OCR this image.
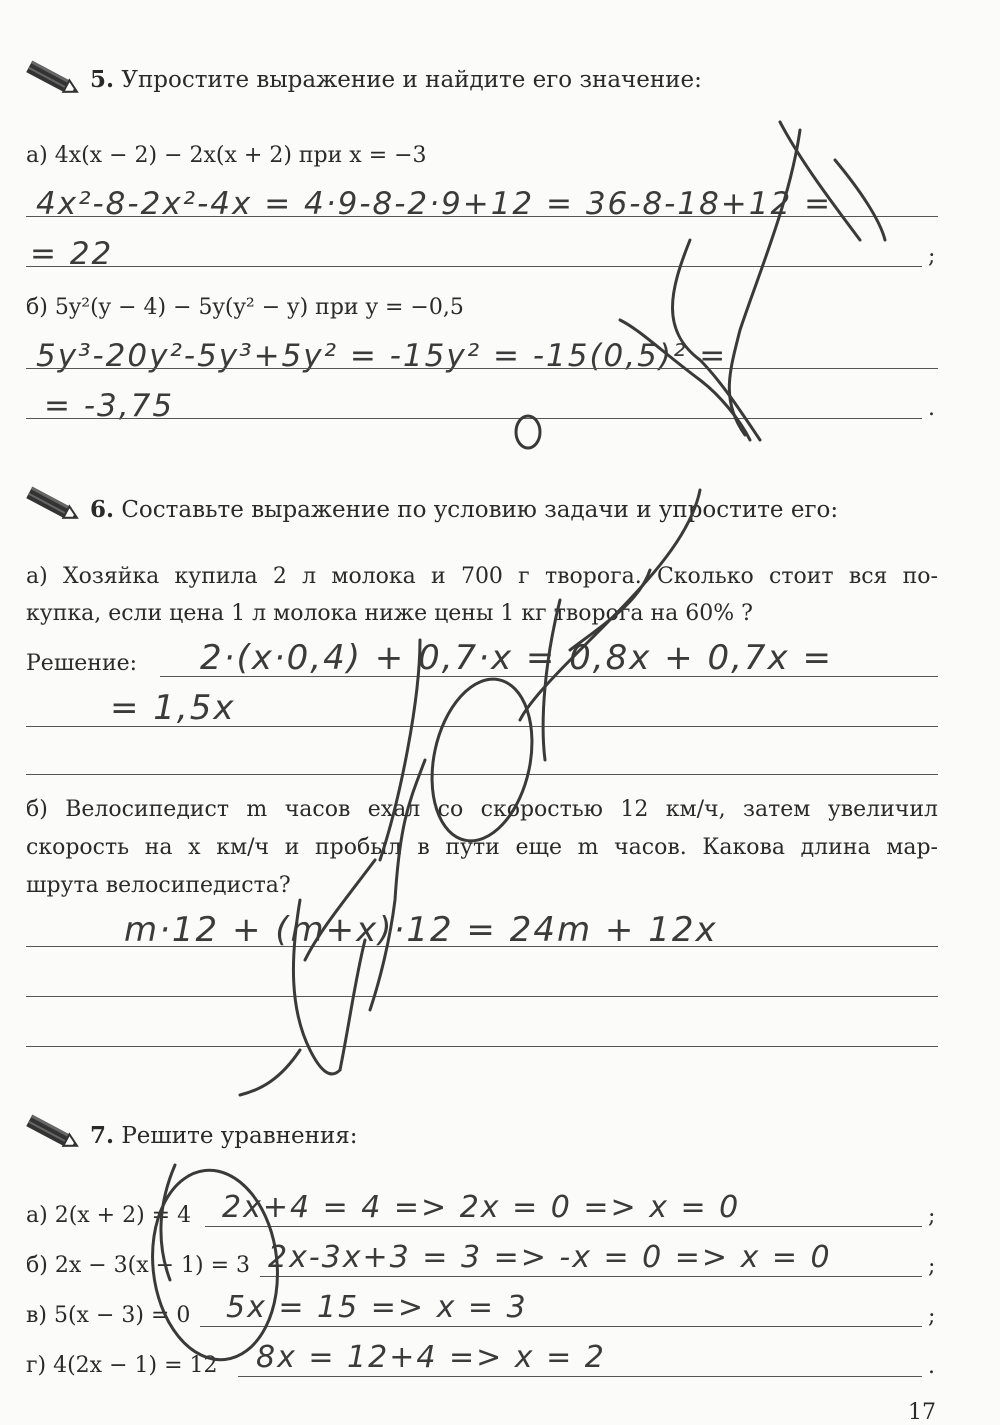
5. Упростите выражение и найдите его значение:
а) 4x(x − 2) − 2x(x + 2) при x = −3
4x²-8-2x²-4x = 4·9-8-2·9+12 = 36-8-18+12 =
= 22	;
б) 5y²(y − 4) − 5y(y² − y) при y = −0,5
5y³-20y²-5y³+5y² = -15y² = -15(0,5)² =
= -3,75	.
6. Составьте выражение по условию задачи и упростите его:
а) Хозяйка купила 2 л молока и 700 г творога. Сколько стоит вся по-
купка, если цена 1 л молока ниже цены 1 кг творога на 60% ?
Решение: 2·(x·0,4) + 0,7·x = 0,8x + 0,7x =
= 1,5x
б) Велосипедист m часов ехал со скоростью 12 км/ч, затем увеличил
скорость на x км/ч и пробыл в пути еще m часов. Какова длина мар-
шрута велосипедиста?
m·12 + (m+x)·12 = 24m + 12x
7. Решите уравнения:
а) 2(x + 2) = 4 2x+4 = 4 => 2x = 0 => x = 0	;
б) 2x − 3(x − 1) = 3 2x-3x+3 = 3 => -x = 0 => x = 0	;
в) 5(x − 3) = 0 5x = 15 => x = 3	;
г) 4(2x − 1) = 12 8x = 12+4 => x = 2	.
17
